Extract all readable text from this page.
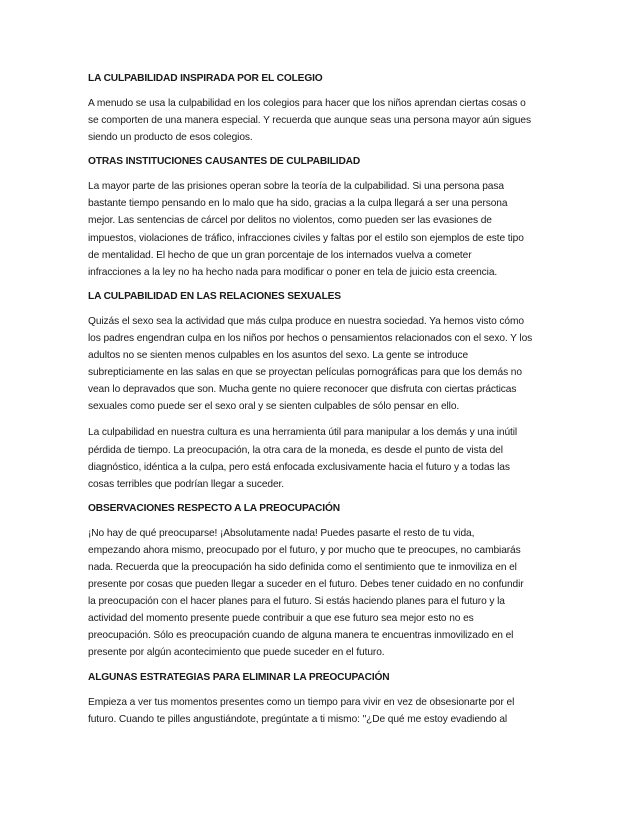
LA CULPABILIDAD INSPIRADA POR EL COLEGIO
A menudo se usa la culpabilidad en los colegios para hacer que los niños aprendan ciertas cosas o
se comporten de una manera especial. Y recuerda que aunque seas una persona mayor aún sigues
siendo un producto de esos colegios.
OTRAS INSTITUCIONES CAUSANTES DE CULPABILIDAD
La mayor parte de las prisiones operan sobre la teoría de la culpabilidad. Si una persona pasa
bastante tiempo pensando en lo malo que ha sido, gracias a la culpa llegará a ser una persona
mejor. Las sentencias de cárcel por delitos no violentos, como pueden ser las evasiones de
impuestos, violaciones de tráfico, infracciones civiles y faltas por el estilo son ejemplos de este tipo
de mentalidad. El hecho de que un gran porcentaje de los internados vuelva a cometer
infracciones a la ley no ha hecho nada para modificar o poner en tela de juicio esta creencia.
LA CULPABILIDAD EN LAS RELACIONES SEXUALES
Quizás el sexo sea la actividad que más culpa produce en nuestra sociedad. Ya hemos visto cómo
los padres engendran culpa en los niños por hechos o pensamientos relacionados con el sexo. Y los
adultos no se sienten menos culpables en los asuntos del sexo. La gente se introduce
subrepticiamente en las salas en que se proyectan películas pornográficas para que los demás no
vean lo depravados que son. Mucha gente no quiere reconocer que disfruta con ciertas prácticas
sexuales como puede ser el sexo oral y se sienten culpables de sólo pensar en ello.
La culpabilidad en nuestra cultura es una herramienta útil para manipular a los demás y una inútil
pérdida de tiempo. La preocupación, la otra cara de la moneda, es desde el punto de vista del
diagnóstico, idéntica a la culpa, pero está enfocada exclusivamente hacia el futuro y a todas las
cosas terribles que podrían llegar a suceder.
OBSERVACIONES RESPECTO A LA PREOCUPACIÓN
¡No hay de qué preocuparse! ¡Absolutamente nada! Puedes pasarte el resto de tu vida,
empezando ahora mismo, preocupado por el futuro, y por mucho que te preocupes, no cambiarás
nada. Recuerda que la preocupación ha sido definida como el sentimiento que te inmoviliza en el
presente por cosas que pueden llegar a suceder en el futuro. Debes tener cuidado en no confundir
la preocupación con el hacer planes para el futuro. Si estás haciendo planes para el futuro y la
actividad del momento presente puede contribuir a que ese futuro sea mejor esto no es
preocupación. Sólo es preocupación cuando de alguna manera te encuentras inmovilizado en el
presente por algún acontecimiento que puede suceder en el futuro.
ALGUNAS ESTRATEGIAS PARA ELIMINAR LA PREOCUPACIÓN
Empieza a ver tus momentos presentes como un tiempo para vivir en vez de obsesionarte por el
futuro. Cuando te pilles angustiándote, pregúntate a ti mismo: "¿De qué me estoy evadiendo al
